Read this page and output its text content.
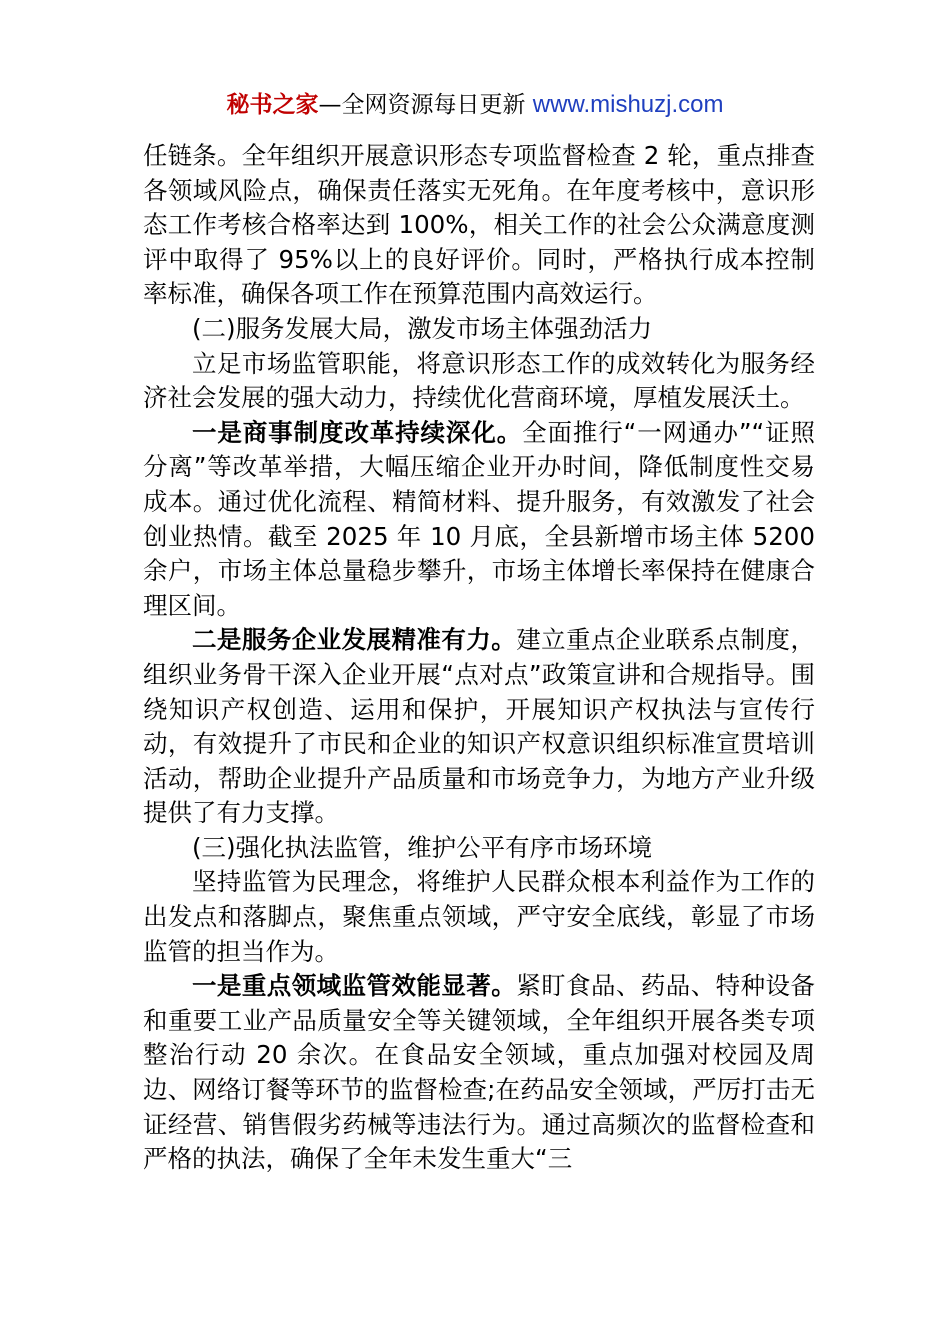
秘书之家—全网资源每日更新 www.mishuzj.com

任链条。全年组织开展意识形态专项监督检查 2 轮，重点排查各领域风险点，确保责任落实无死角。在年度考核中，意识形态工作考核合格率达到 100%，相关工作的社会公众满意度测评中取得了 95%以上的良好评价。同时，严格执行成本控制率标准，确保各项工作在预算范围内高效运行。

(二)服务发展大局，激发市场主体强劲活力

立足市场监管职能，将意识形态工作的成效转化为服务经济社会发展的强大动力，持续优化营商环境，厚植发展沃土。

一是商事制度改革持续深化。全面推行“一网通办”“证照分离”等改革举措，大幅压缩企业开办时间，降低制度性交易成本。通过优化流程、精简材料、提升服务，有效激发了社会创业热情。截至 2025 年 10 月底，全县新增市场主体 5200 余户，市场主体总量稳步攀升，市场主体增长率保持在健康合理区间。

二是服务企业发展精准有力。建立重点企业联系点制度，组织业务骨干深入企业开展“点对点”政策宣讲和合规指导。围绕知识产权创造、运用和保护，开展知识产权执法与宣传行动，有效提升了市民和企业的知识产权意识组织标准宣贯培训活动，帮助企业提升产品质量和市场竞争力，为地方产业升级提供了有力支撑。

(三)强化执法监管，维护公平有序市场环境

坚持监管为民理念，将维护人民群众根本利益作为工作的出发点和落脚点，聚焦重点领域，严守安全底线，彰显了市场监管的担当作为。

一是重点领域监管效能显著。紧盯食品、药品、特种设备和重要工业产品质量安全等关键领域，全年组织开展各类专项整治行动 20 余次。在食品安全领域，重点加强对校园及周边、网络订餐等环节的监督检查;在药品安全领域，严厉打击无证经营、销售假劣药械等违法行为。通过高频次的监督检查和严格的执法，确保了全年未发生重大“三
